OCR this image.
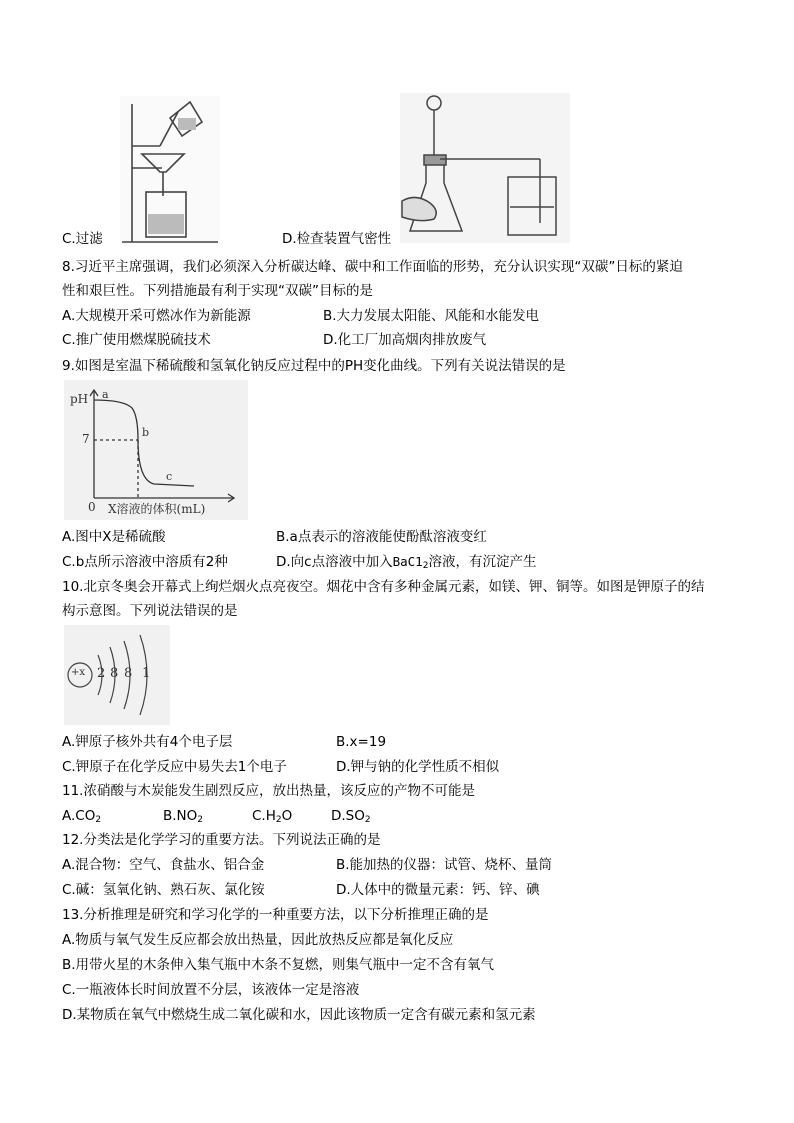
C.过滤	D.检查装置气密性
8.习近平主席强调，我们必须深入分析碳达峰、碳中和工作面临的形势，充分认识实现“双碳”日标的紧迫
性和艰巨性。下列措施最有利于实现“双碳”目标的是
A.大规模开采可燃冰作为新能源	B.大力发展太阳能、风能和水能发电
C.推广使用燃煤脱硫技术	D.化工厂加高烟肉排放废气
9.如图是室温下稀硫酸和氢氧化钠反应过程中的PH变化曲线。下列有关说法错误的是
pH
7
0 X溶液的体积(mL)
a
b
c
A.图中X是稀硫酸	B.a点表示的溶液能使酚酞溶液变红
C.b点所示溶液中溶质有2种	D.向c点溶液中加入$BaC1_2$溶液，有沉淀产生
10.北京冬奥会开幕式上绚烂烟火点亮夜空。烟花中含有多种金属元素，如镁、钾、铜等。如图是钾原子的结
构示意图。下列说法错误的是
+x 2 8 8 1
A.钾原子核外共有4个电子层	B.x=19
C.钾原子在化学反应中易失去1个电子	D.钾与钠的化学性质不相似
11.浓硝酸与木炭能发生剧烈反应，放出热量，该反应的产物不可能是
$A.CO_2$	$B.NO_2$	$C.H_2O$	$D.SO_2$
12.分类法是化学学习的重要方法。下列说法正确的是
A.混合物：空气、食盐水、铝合金	B.能加热的仪器：试管、烧杯、量筒
C.碱：氢氧化钠、熟石灰、氯化铵	D.人体中的微量元素：钙、锌、碘
13.分析推理是研究和学习化学的一种重要方法，以下分析推理正确的是
A.物质与氧气发生反应都会放出热量，因此放热反应都是氧化反应
B.用带火星的木条伸入集气瓶中木条不复燃，则集气瓶中一定不含有氧气
C.一瓶液体长时间放置不分层，该液体一定是溶液
D.某物质在氧气中燃烧生成二氧化碳和水，因此该物质一定含有碳元素和氢元素
